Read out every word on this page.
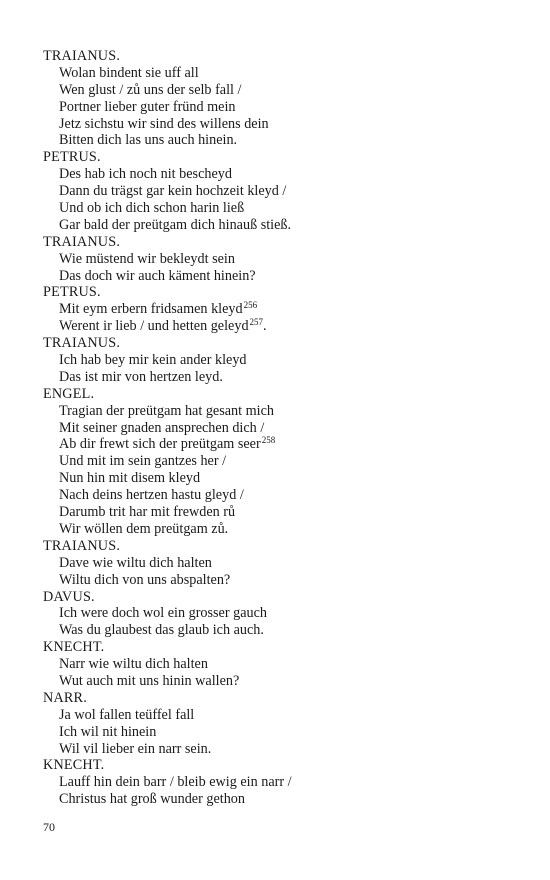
TRAIANUS.
Wolan bindent sie uff all
Wen glust / zů uns der selb fall /
Portner lieber guter fründ mein
Jetz sichstu wir sind des willens dein
Bitten dich las uns auch hinein.
PETRUS.
Des hab ich noch nit bescheyd
Dann du trägst gar kein hochzeit kleyd /
Und ob ich dich schon harin ließ
Gar bald der preütgam dich hinauß stieß.
TRAIANUS.
Wie müstend wir bekleydt sein
Das doch wir auch käment hinein?
PETRUS.
Mit eym erbern fridsamen kleyd$^{256}$
Werent ir lieb / und hetten geleyd$^{257}$.
TRAIANUS.
Ich hab bey mir kein ander kleyd
Das ist mir von hertzen leyd.
ENGEL.
Tragian der preütgam hat gesant mich
Mit seiner gnaden ansprechen dich /
Ab dir frewt sich der preütgam seer$^{258}$
Und mit im sein gantzes her /
Nun hin mit disem kleyd
Nach deins hertzen hastu gleyd /
Darumb trit har mit frewden rů
Wir wöllen dem preütgam zů.
TRAIANUS.
Dave wie wiltu dich halten
Wiltu dich von uns abspalten?
DAVUS.
Ich were doch wol ein grosser gauch
Was du glaubest das glaub ich auch.
KNECHT.
Narr wie wiltu dich halten
Wut auch mit uns hinin wallen?
NARR.
Ja wol fallen teüffel fall
Ich wil nit hinein
Wil vil lieber ein narr sein.
KNECHT.
Lauff hin dein barr / bleib ewig ein narr /
Christus hat groß wunder gethon
70
